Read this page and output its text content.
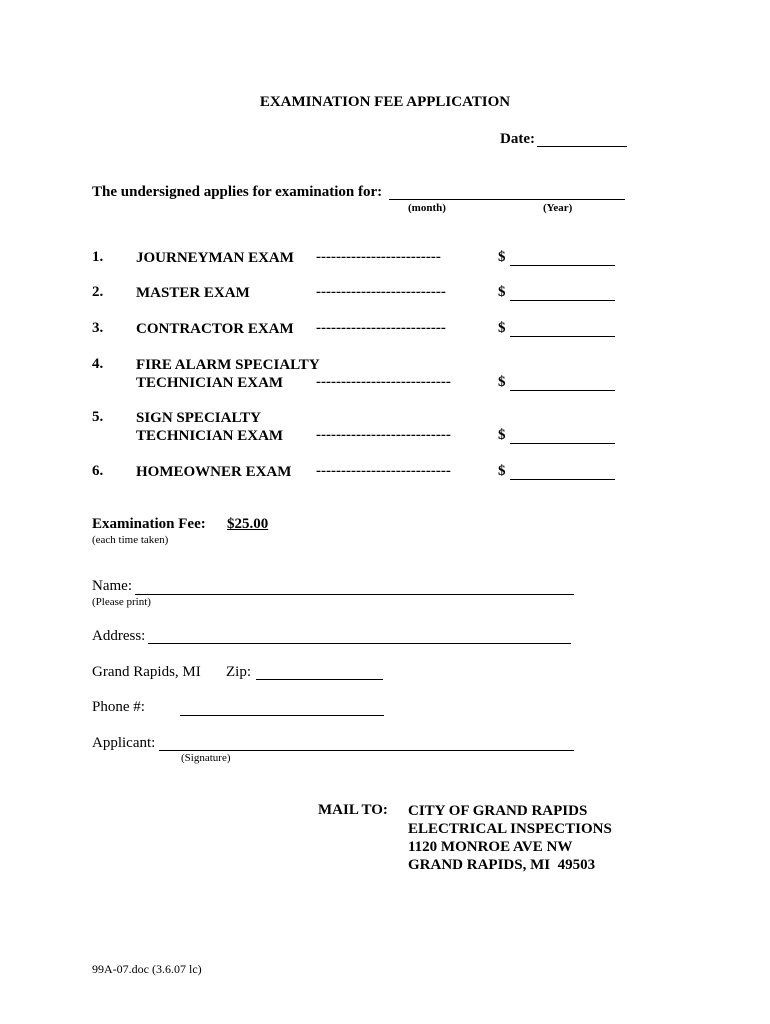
EXAMINATION FEE APPLICATION
Date:
The undersigned applies for examination for:
(month)	(Year)
1. JOURNEYMAN EXAM -------------------------	$
2. MASTER EXAM	--------------------------	$
3. CONTRACTOR EXAM --------------------------	$
4. FIRE ALARM SPECIALTY
TECHNICIAN EXAM ---------------------------	$
5. SIGN SPECIALTY
TECHNICIAN EXAM ---------------------------	$
6. HOMEOWNER EXAM ---------------------------	$
Examination Fee: $25.00
(each time taken)
Name:
(Please print)
Address:
Grand Rapids, MI Zip:
Phone #:
Applicant:
(Signature)
MAIL TO: CITY OF GRAND RAPIDS
ELECTRICAL INSPECTIONS
1120 MONROE AVE NW
GRAND RAPIDS, MI  49503
99A-07.doc (3.6.07 lc)
